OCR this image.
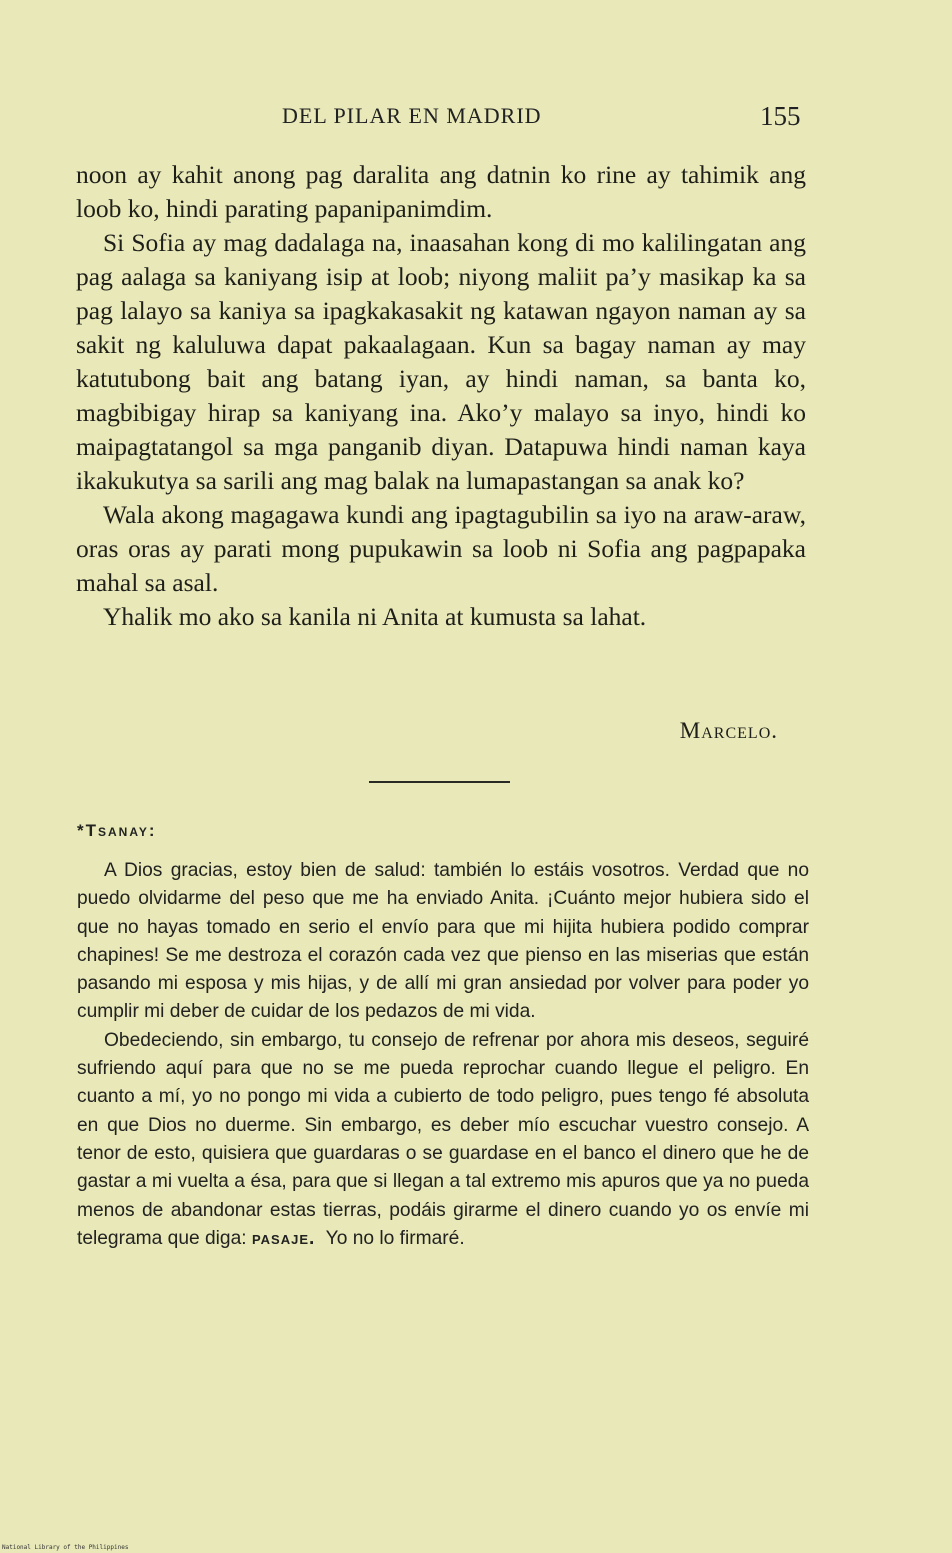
DEL PILAR EN MADRID	155

noon ay kahit anong pag daralita ang datnin ko rine ay tahimik ang loob ko, hindi parating papanipanimdim.

Si Sofia ay mag dadalaga na, inaasahan kong di mo kalilingatan ang pag aalaga sa kaniyang isip at loob; niyong maliit pa’y masikap ka sa pag lalayo sa kaniya sa ipagkakasakit ng katawan ngayon naman ay sa sakit ng kaluluwa dapat pakaalagaan. Kun sa bagay naman ay may katutubong bait ang batang iyan, ay hindi naman, sa banta ko, magbibigay hirap sa kaniyang ina. Ako’y malayo sa inyo, hindi ko maipagtatangol sa mga panganib diyan. Datapuwa hindi naman kaya ikakukutya sa sarili ang mag balak na lumapastangan sa anak ko?

Wala akong magagawa kundi ang ipagtagubilin sa iyo na araw-araw, oras oras ay parati mong pupukawin sa loob ni Sofia ang pagpapaka mahal sa asal.

Yhalik mo ako sa kanila ni Anita at kumusta sa lahat.

Marcelo.
*Tsanay:

A Dios gracias, estoy bien de salud: también lo estáis vosotros. Verdad que no puedo olvidarme del peso que me ha enviado Anita. ¡Cuánto mejor hubiera sido el que no hayas tomado en serio el envío para que mi hijita hubiera podido comprar chapines! Se me destroza el corazón cada vez que pienso en las miserias que están pasando mi esposa y mis hijas, y de allí mi gran ansiedad por volver para poder yo cumplir mi deber de cuidar de los pedazos de mi vida.

Obedeciendo, sin embargo, tu consejo de refrenar por ahora mis deseos, seguiré sufriendo aquí para que no se me pueda reprochar cuando llegue el peligro. En cuanto a mí, yo no pongo mi vida a cubierto de todo peligro, pues tengo fé absoluta en que Dios no duerme. Sin embargo, es deber mío escuchar vuestro consejo. A tenor de esto, quisiera que guardaras o se guardase en el banco el dinero que he de gastar a mi vuelta a ésa, para que si llegan a tal extremo mis apuros que ya no pueda menos de abandonar estas tierras, podáis girarme el dinero cuando yo os envíe mi telegrama que diga: pasaje. Yo no lo firmaré.

National Library of the Philippines
